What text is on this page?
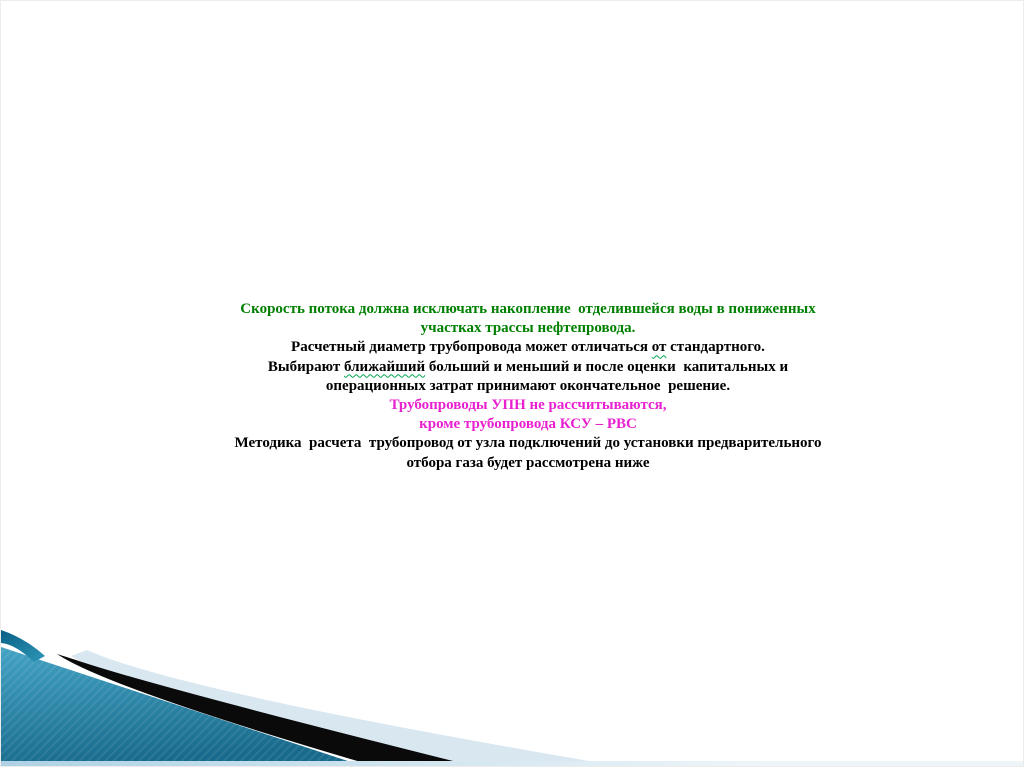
Скорость потока должна исключать накопление  отделившейся воды в пониженных
участках трассы нефтепровода.
Расчетный диаметр трубопровода может отличаться от стандартного.
Выбирают ближайший больший и меньший и после оценки  капитальных и
операционных затрат принимают окончательное  решение.
Трубопроводы УПН не рассчитываются,
кроме трубопровода КСУ – РВС
Методика  расчета  трубопровод от узла подключений до установки предварительного
отбора газа будет рассмотрена ниже
